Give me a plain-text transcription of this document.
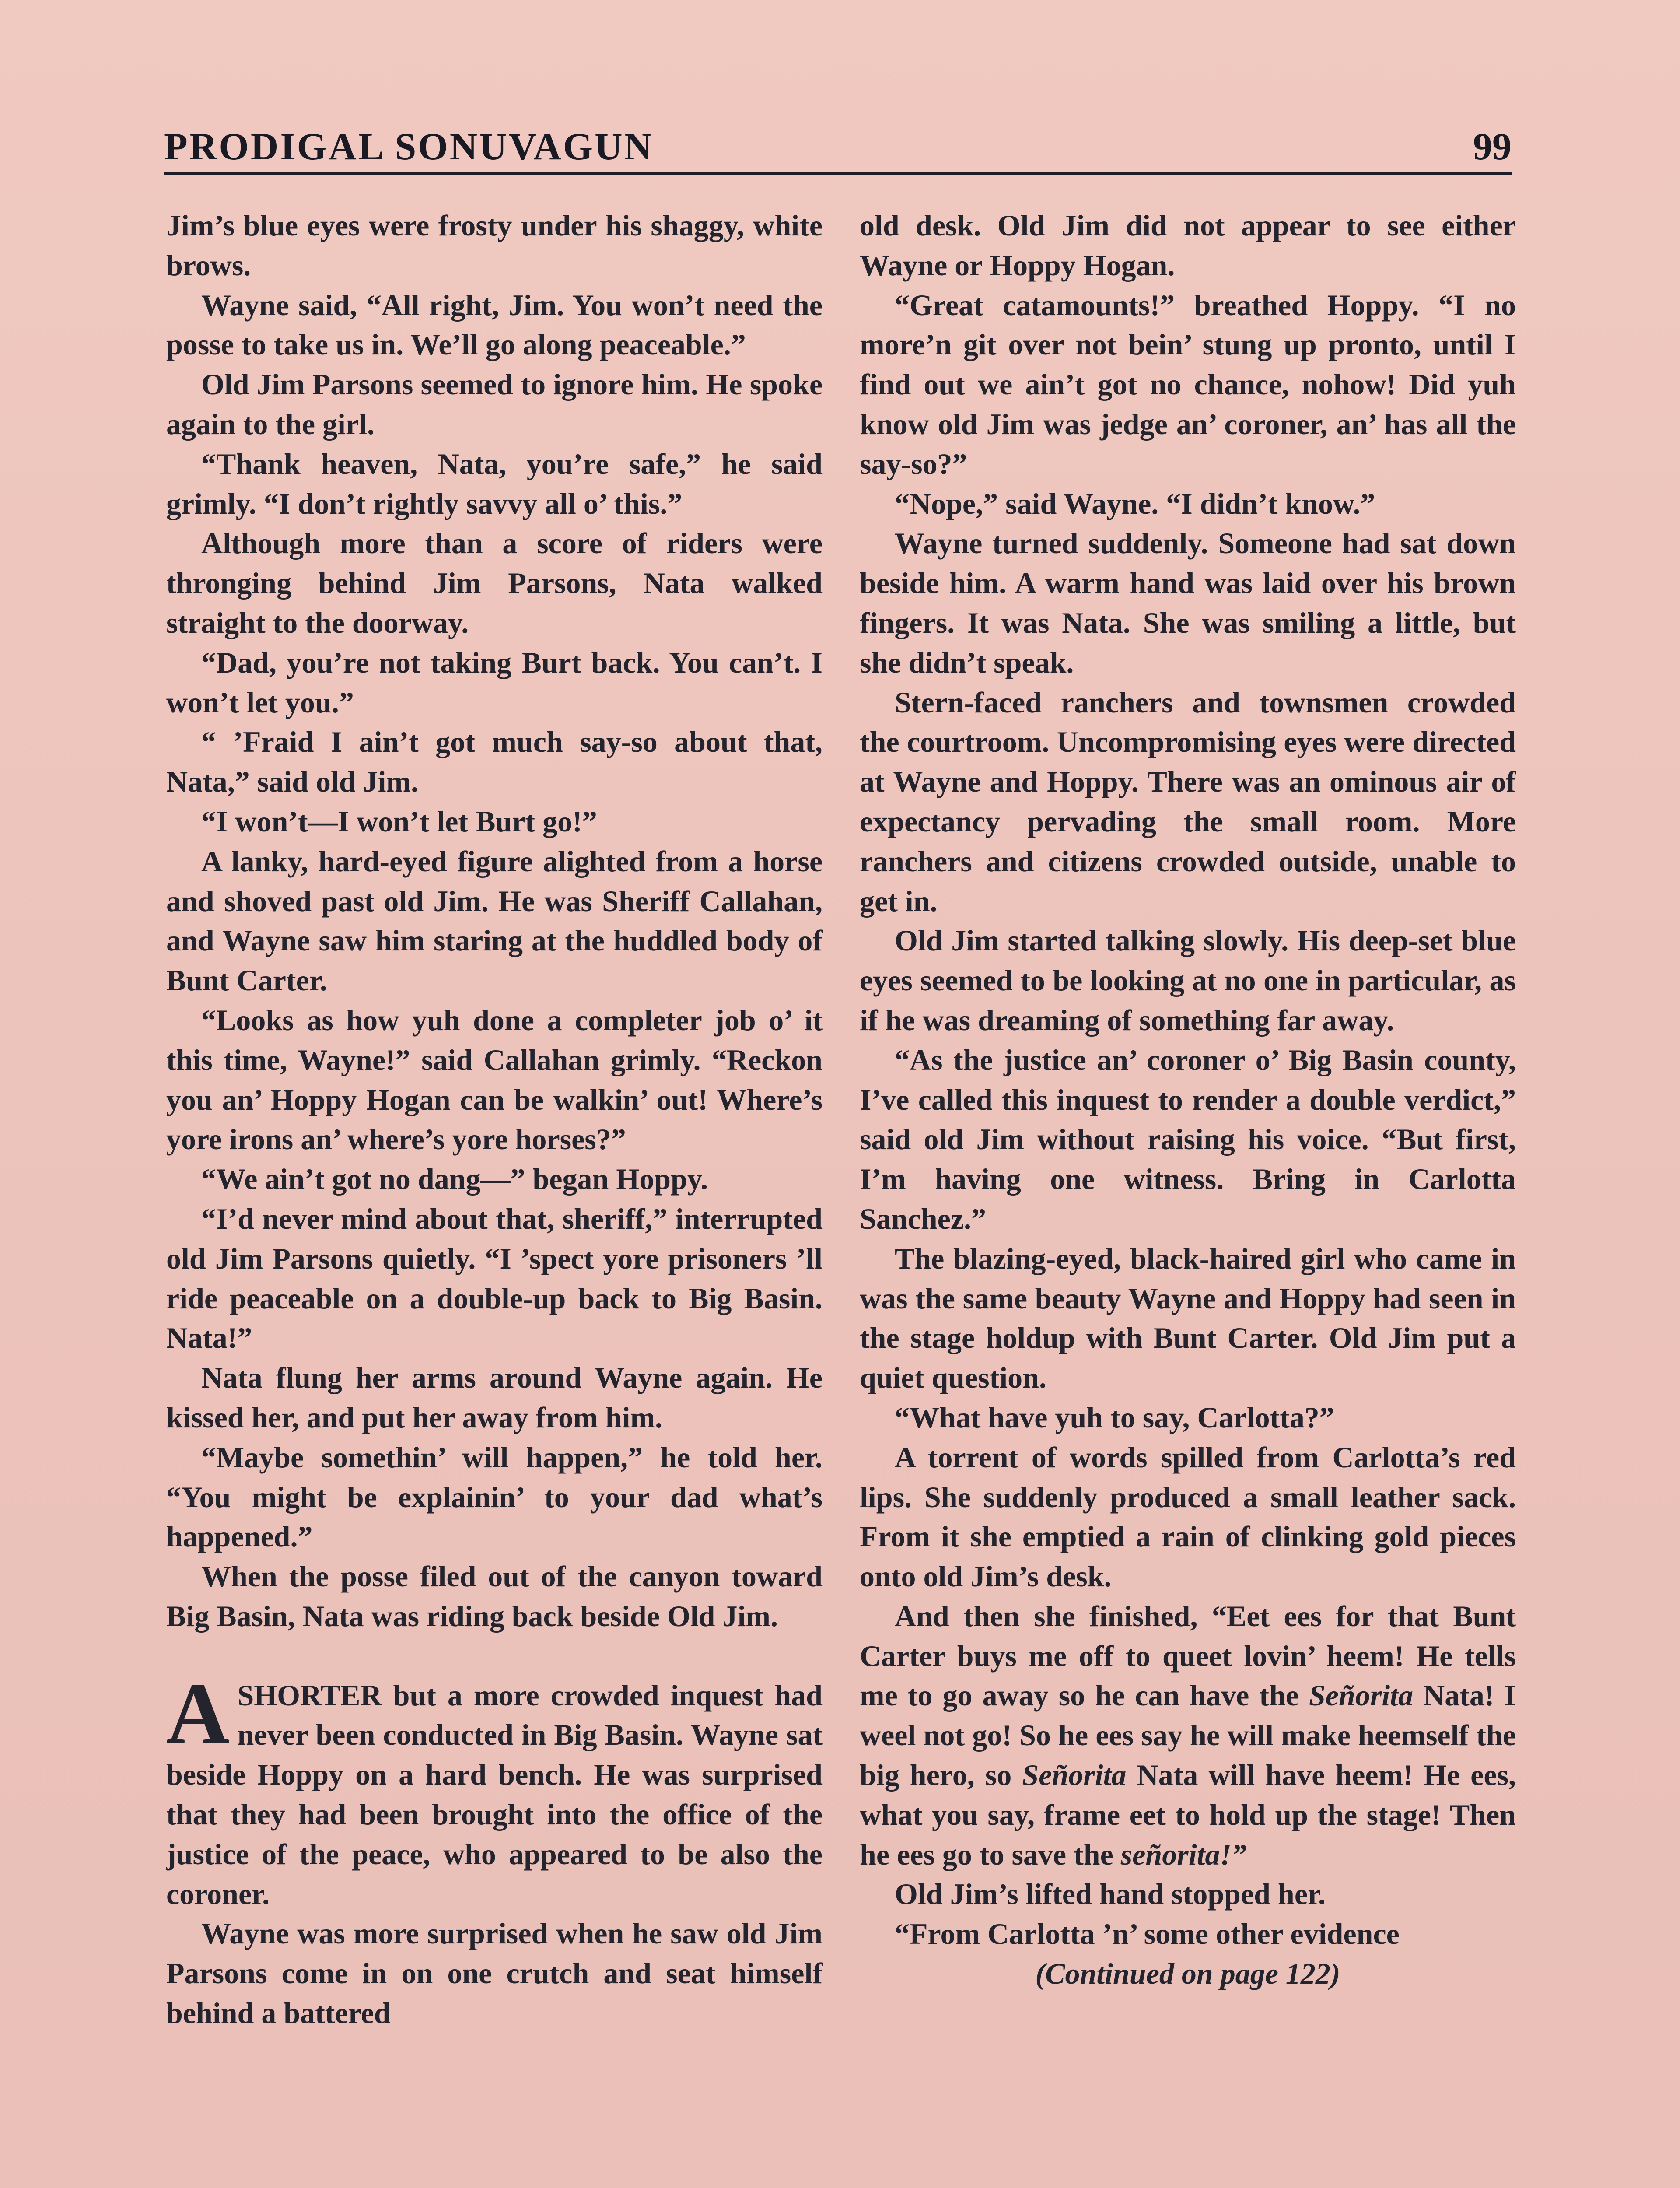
PRODIGAL SONUVAGUN	99

Jim’s blue eyes were frosty under his shaggy, white brows.

Wayne said, “All right, Jim. You won’t need the posse to take us in. We’ll go along peaceable.”

Old Jim Parsons seemed to ignore him. He spoke again to the girl.

“Thank heaven, Nata, you’re safe,” he said grimly. “I don’t rightly savvy all o’ this.”

Although more than a score of riders were thronging behind Jim Parsons, Nata walked straight to the doorway.

“Dad, you’re not taking Burt back. You can’t. I won’t let you.”

“ ’Fraid I ain’t got much say-so about that, Nata,” said old Jim.

“I won’t—I won’t let Burt go!”

A lanky, hard-eyed figure alighted from a horse and shoved past old Jim. He was Sheriff Callahan, and Wayne saw him staring at the huddled body of Bunt Carter.

“Looks as how yuh done a completer job o’ it this time, Wayne!” said Callahan grimly. “Reckon you an’ Hoppy Hogan can be walkin’ out! Where’s yore irons an’ where’s yore horses?”

“We ain’t got no dang—” began Hoppy.

“I’d never mind about that, sheriff,” interrupted old Jim Parsons quietly. “I ’spect yore prisoners ’ll ride peaceable on a double-up back to Big Basin. Nata!”

Nata flung her arms around Wayne again. He kissed her, and put her away from him.

“Maybe somethin’ will happen,” he told her. “You might be explainin’ to your dad what’s happened.”

When the posse filed out of the canyon toward Big Basin, Nata was riding back beside Old Jim.

ASHORTER but a more crowded inquest had never been conducted in Big Basin. Wayne sat beside Hoppy on a hard bench. He was surprised that they had been brought into the office of the justice of the peace, who appeared to be also the coroner.

Wayne was more surprised when he saw old Jim Parsons come in on one crutch and seat himself behind a battered

old desk. Old Jim did not appear to see either Wayne or Hoppy Hogan.

“Great catamounts!” breathed Hoppy. “I no more’n git over not bein’ stung up pronto, until I find out we ain’t got no chance, nohow! Did yuh know old Jim was jedge an’ coroner, an’ has all the say-so?”

“Nope,” said Wayne. “I didn’t know.”

Wayne turned suddenly. Someone had sat down beside him. A warm hand was laid over his brown fingers. It was Nata. She was smiling a little, but she didn’t speak.

Stern-faced ranchers and townsmen crowded the courtroom. Uncompromising eyes were directed at Wayne and Hoppy. There was an ominous air of expectancy pervading the small room. More ranchers and citizens crowded outside, unable to get in.

Old Jim started talking slowly. His deep-set blue eyes seemed to be looking at no one in particular, as if he was dreaming of something far away.

“As the justice an’ coroner o’ Big Basin county, I’ve called this inquest to render a double verdict,” said old Jim without raising his voice. “But first, I’m having one witness. Bring in Carlotta Sanchez.”

The blazing-eyed, black-haired girl who came in was the same beauty Wayne and Hoppy had seen in the stage holdup with Bunt Carter. Old Jim put a quiet question.

“What have yuh to say, Carlotta?”

A torrent of words spilled from Carlotta’s red lips. She suddenly produced a small leather sack. From it she emptied a rain of clinking gold pieces onto old Jim’s desk.

And then she finished, “Eet ees for that Bunt Carter buys me off to queet lovin’ heem! He tells me to go away so he can have the Señorita Nata! I weel not go! So he ees say he will make heemself the big hero, so Señorita Nata will have heem! He ees, what you say, frame eet to hold up the stage! Then he ees go to save the señorita!”

Old Jim’s lifted hand stopped her.

“From Carlotta ’n’ some other evidence

(Continued on page 122)
